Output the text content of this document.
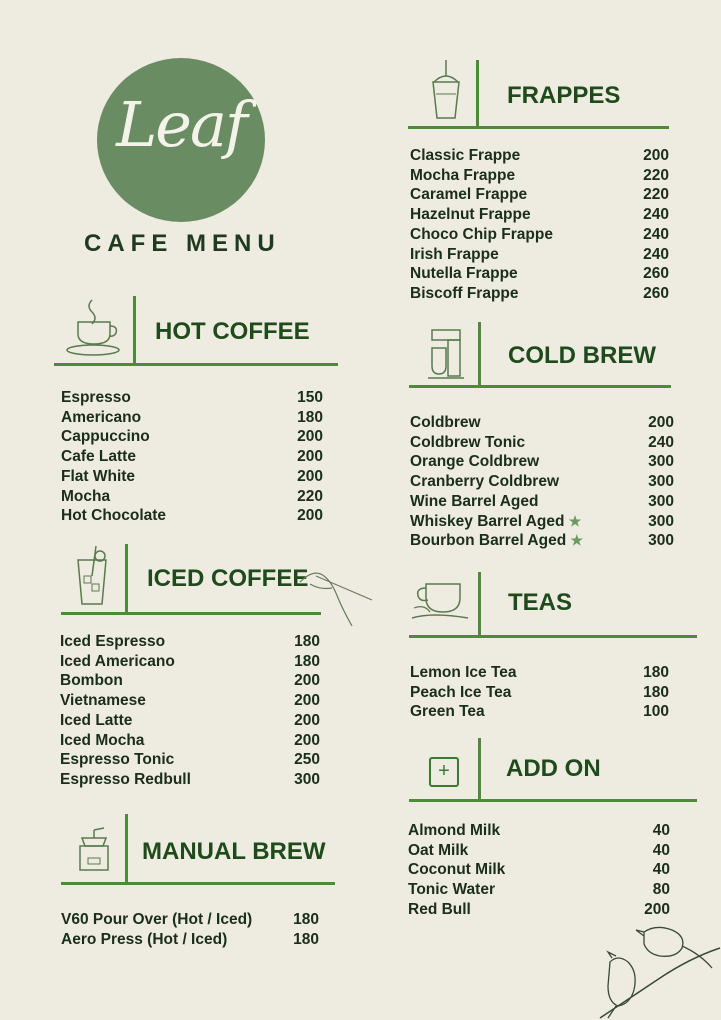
Leaf
CAFE MENU
HOT COFFEE
Espresso	150
Americano	180
Cappuccino	200
Cafe Latte	200
Flat White	200
Mocha	220
Hot Chocolate	200
ICED COFFEE
Iced Espresso	180
Iced Americano	180
Bombon	200
Vietnamese	200
Iced Latte	200
Iced Mocha	200
Espresso Tonic	250
Espresso Redbull	300
MANUAL BREW
V60 Pour Over (Hot / Iced)	180
Aero Press (Hot / Iced)	180
FRAPPES
Classic Frappe	200
Mocha Frappe	220
Caramel Frappe	220
Hazelnut Frappe	240
Choco Chip Frappe	240
Irish Frappe	240
Nutella Frappe	260
Biscoff Frappe	260
COLD BREW
Coldbrew	200
Coldbrew Tonic	240
Orange Coldbrew	300
Cranberry Coldbrew	300
Wine Barrel Aged	300
Whiskey Barrel Aged ★	300
Bourbon Barrel Aged ★	300
TEAS
Lemon Ice Tea	180
Peach Ice Tea	180
Green Tea	100
+	ADD ON
Almond Milk	40
Oat Milk	40
Coconut Milk	40
Tonic Water	80
Red Bull	200
